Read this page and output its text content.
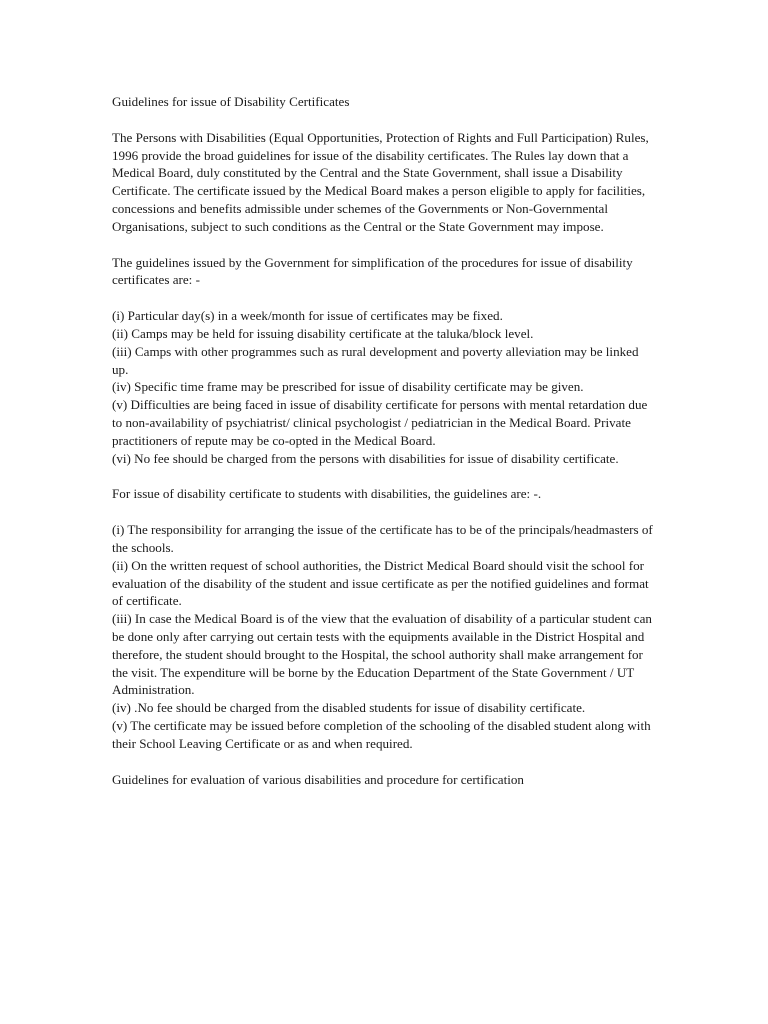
Guidelines for issue of Disability Certificates

The Persons with Disabilities (Equal Opportunities, Protection of Rights and Full Participation) Rules, 1996 provide the broad guidelines for issue of the disability certificates. The Rules lay down that a Medical Board, duly constituted by the Central and the State Government, shall issue a Disability Certificate. The certificate issued by the Medical Board makes a person eligible to apply for facilities, concessions and benefits admissible under schemes of the Governments or Non-Governmental Organisations, subject to such conditions as the Central or the State Government may impose.

The guidelines issued by the Government for simplification of the procedures for issue of disability certificates are: -

(i) Particular day(s) in a week/month for issue of certificates may be fixed.
(ii) Camps may be held for issuing disability certificate at the taluka/block level.
(iii) Camps with other programmes such as rural development and poverty alleviation may be linked up.
(iv) Specific time frame may be prescribed for issue of disability certificate may be given.
(v) Difficulties are being faced in issue of disability certificate for persons with mental retardation due to non-availability of psychiatrist/ clinical psychologist / pediatrician in the Medical Board. Private practitioners of repute may be co-opted in the Medical Board.
(vi) No fee should be charged from the persons with disabilities for issue of disability certificate.

For issue of disability certificate to students with disabilities, the guidelines are: -.

(i) The responsibility for arranging the issue of the certificate has to be of the principals/headmasters of the schools.
(ii) On the written request of school authorities, the District Medical Board should visit the school for evaluation of the disability of the student and issue certificate as per the notified guidelines and format of certificate.
(iii) In case the Medical Board is of the view that the evaluation of disability of a particular student can be done only after carrying out certain tests with the equipments available in the District Hospital and therefore, the student should brought to the Hospital, the school authority shall make arrangement for the visit. The expenditure will be borne by the Education Department of the State Government / UT Administration.
(iv) .No fee should be charged from the disabled students for issue of disability certificate.
(v) The certificate may be issued before completion of the schooling of the disabled student along with their School Leaving Certificate or as and when required.

Guidelines for evaluation of various disabilities and procedure for certification
